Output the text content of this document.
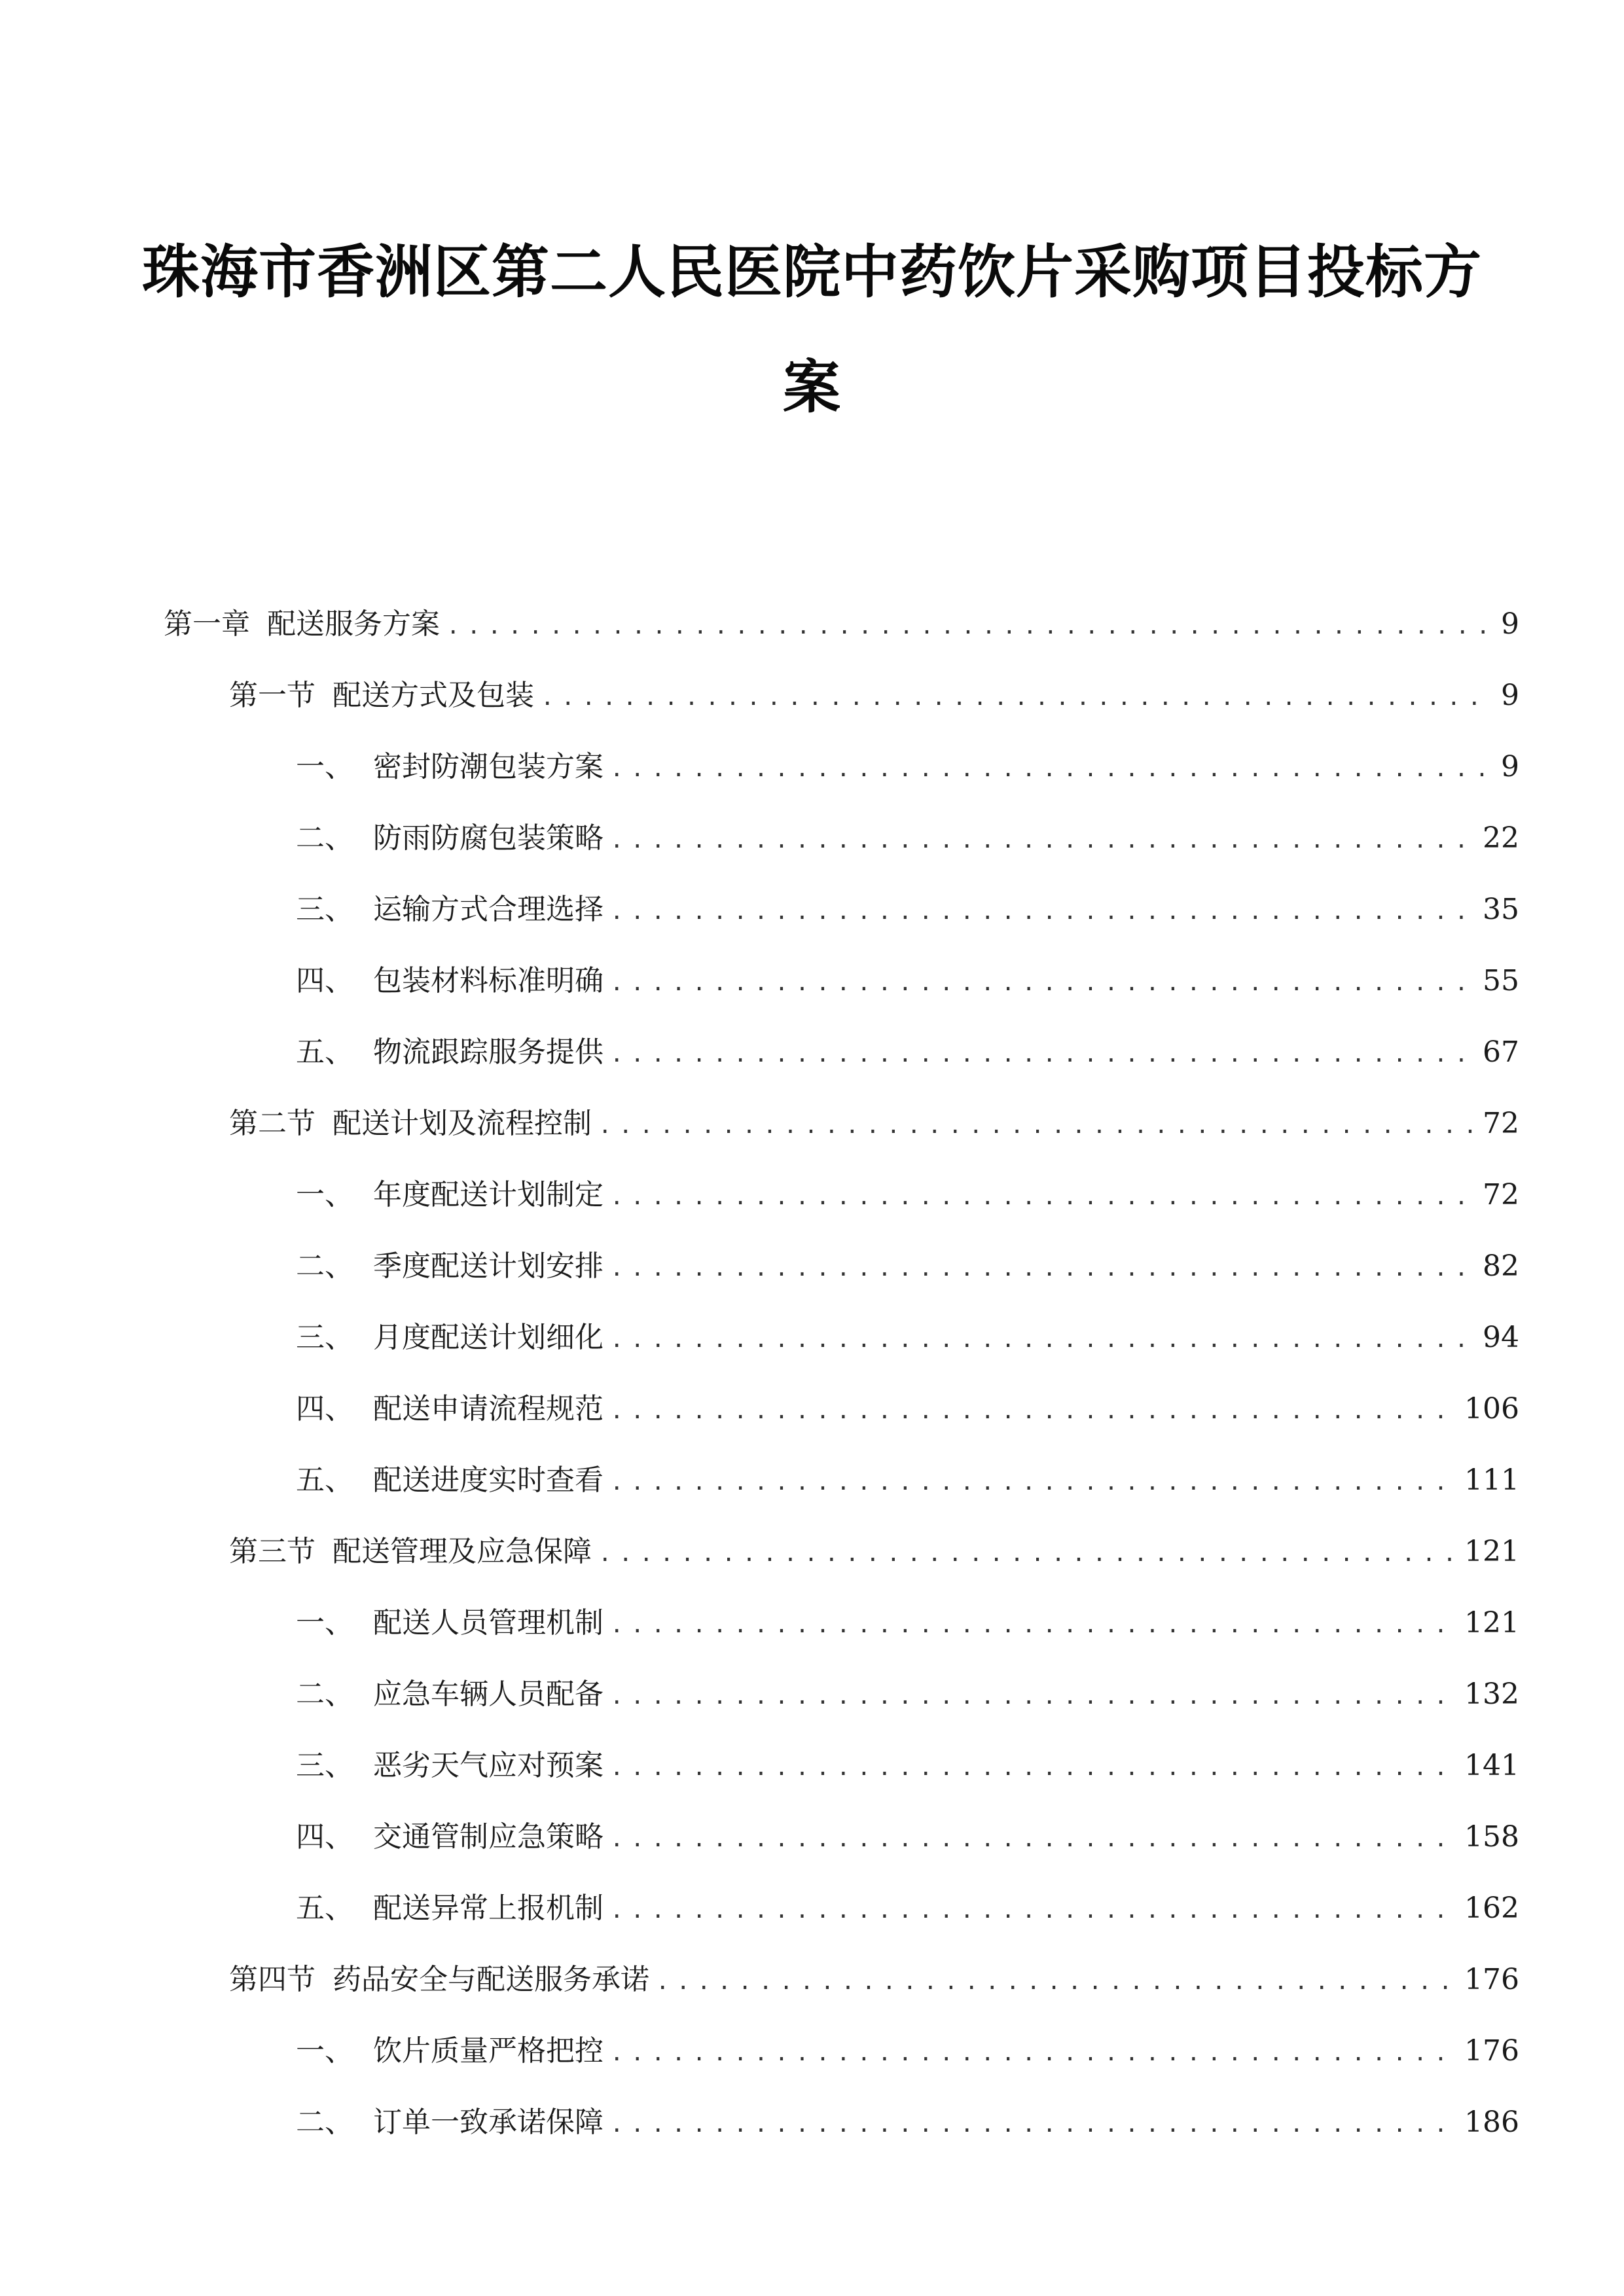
珠海市香洲区第二人民医院中药饮片采购项目投标方
案
第一章 配送服务方案 .....	9
第一节 配送方式及包装 .....	9
一、 密封防潮包装方案 .....	9
二、 防雨防腐包装策略 .....	22
三、 运输方式合理选择 .....	35
四、 包装材料标准明确 .....	55
五、 物流跟踪服务提供 .....	67
第二节 配送计划及流程控制 .....	72
一、 年度配送计划制定 .....	72
二、 季度配送计划安排 .....	82
三、 月度配送计划细化 .....	94
四、 配送申请流程规范 .....	106
五、 配送进度实时查看 .....	111
第三节 配送管理及应急保障 .....	121
一、 配送人员管理机制 .....	121
二、 应急车辆人员配备 .....	132
三、 恶劣天气应对预案 .....	141
四、 交通管制应急策略 .....	158
五、 配送异常上报机制 .....	162
第四节 药品安全与配送服务承诺 .....	176
一、 饮片质量严格把控 .....	176
二、 订单一致承诺保障 .....	186
